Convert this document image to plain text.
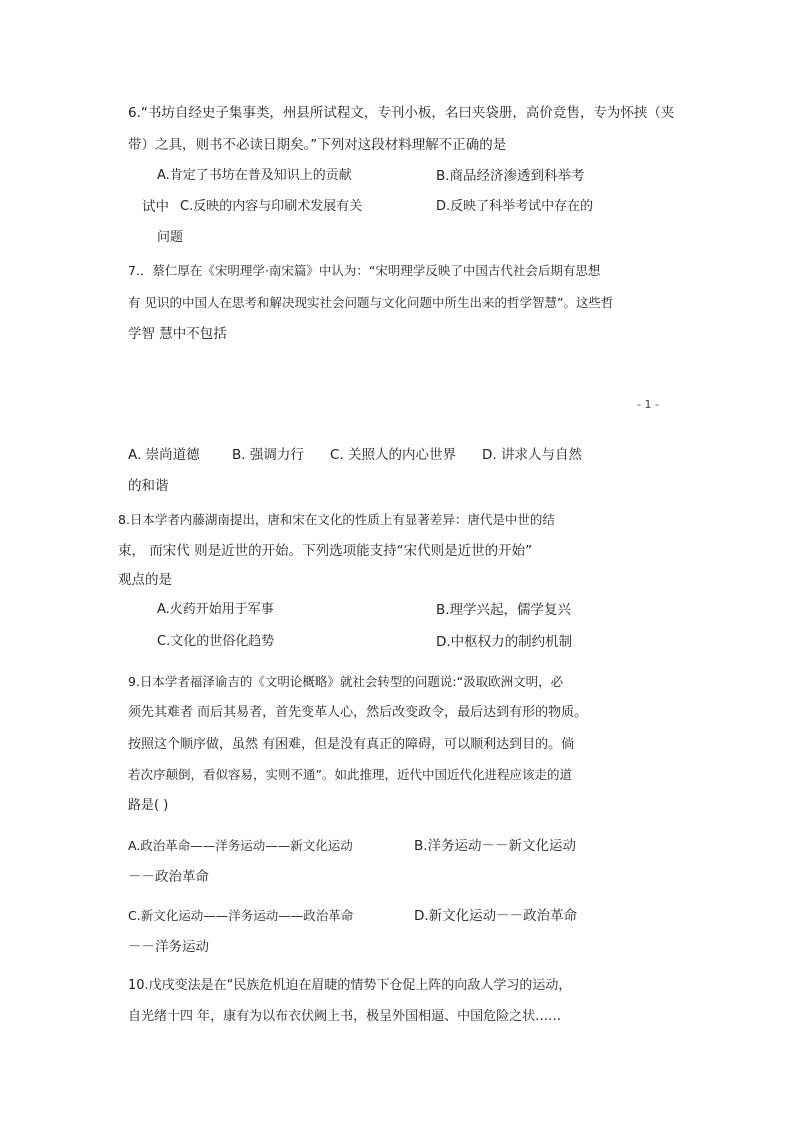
6.“书坊自经史子集事类，州县所试程文，专刊小板，名曰夹袋册，高价竞售，专为怀挟（夹
带）之具，则书不必读日期矣。”下列对这段材料理解不正确的是
A.肯定了书坊在普及知识上的贡献	B.商品经济渗透到科举考
试中 C.反映的内容与印刷术发展有关	D.反映了科举考试中存在的
问题
7.．蔡仁厚在《宋明理学·南宋篇》中认为：“宋明理学反映了中国古代社会后期有思想
有 见识的中国人在思考和解决现实社会问题与文化问题中所生出来的哲学智慧”。这些哲
学智 慧中不包括
- 1 -
A. 崇尚道德 B. 强调力行 C. 关照人的内心世界 D. 讲求人与自然
的和谐
8.日本学者内藤湖南提出，唐和宋在文化的性质上有显著差异：唐代是中世的结
束， 而宋代 则是近世的开始。下列选项能支持“宋代则是近世的开始”
观点的是
A.火药开始用于军事	B.理学兴起，儒学复兴
C.文化的世俗化趋势	D.中枢权力的制约机制
9.日本学者福泽谕吉的《文明论概略》就社会转型的问题说:“汲取欧洲文明，必
须先其难者 而后其易者，首先变革人心，然后改变政令，最后达到有形的物质。
按照这个顺序做，虽然 有困难，但是没有真正的障碍，可以顺利达到目的。倘
若次序颠倒，看似容易，实则不通”。如此推理，近代中国近代化进程应该走的道
路是( )
A.政治革命——洋务运动——新文化运动	B.洋务运动－－新文化运动
－－政治革命
C.新文化运动——洋务运动——政治革命	D.新文化运动－－政治革命
－－洋务运动
10.戊戌变法是在“民族危机迫在眉睫的情势下仓促上阵的向敌人学习的运动，
自光绪十四 年，康有为以布衣伏阙上书，极呈外国相逼、中国危险之状……
